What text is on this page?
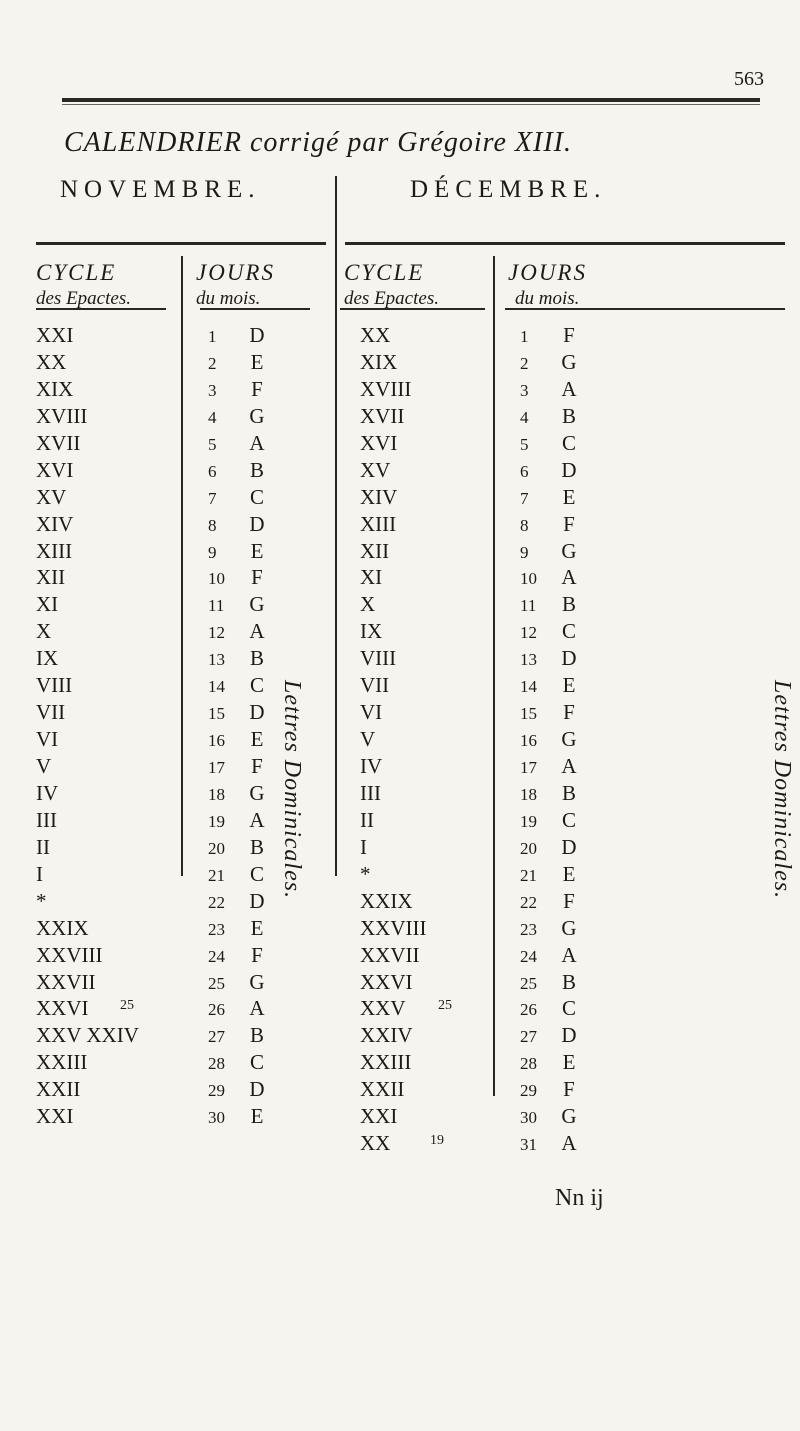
563
CALENDRIER corrigé par Grégoire XIII.
NOVEMBRE.	DÉCEMBRE.
CYCLE
des Epactes.
JOURS
du mois.
CYCLE
des Epactes.
JOURS
du mois.
XXI
XX
XIX
XVIII
XVII
XVI
XV
XIV
XIII
XII
XI
X
IX
VIII
VII
VI
V
IV
III
II
I
*
XXIX
XXVIII
XXVII
XXVI
XXV XXIV
XXIII
XXII
XXI
1 D
2 E
3 F
4 G
5 A
6 B
7 C
8 D
9 E
10 F
11 G
12 A
13 B
14 C
15 D
16 E
17 F
18 G
19 A
20 B
21 C
22 D
23 E
24 F
25 G
26 A
27 B
28 C
29 D
30 E
25
XX
XIX
XVIII
XVII
XVI
XV
XIV
XIII
XII
XI
X
IX
VIII
VII
VI
V
IV
III
II
I
*
XXIX
XXVIII
XXVII
XXVI
XXV
XXIV
XXIII
XXII
XXI
XX
1 F
2 G
3 A
4 B
5 C
6 D
7 E
8 F
9 G
10 A
11 B
12 C
13 D
14 E
15 F
16 G
17 A
18 B
19 C
20 D
21 E
22 F
23 G
24 A
25 B
26 C
27 D
28 E
29 F
30 G
31 A
25
19
Lettres Dominicales.	Lettres Dominicales.
Nn ij
